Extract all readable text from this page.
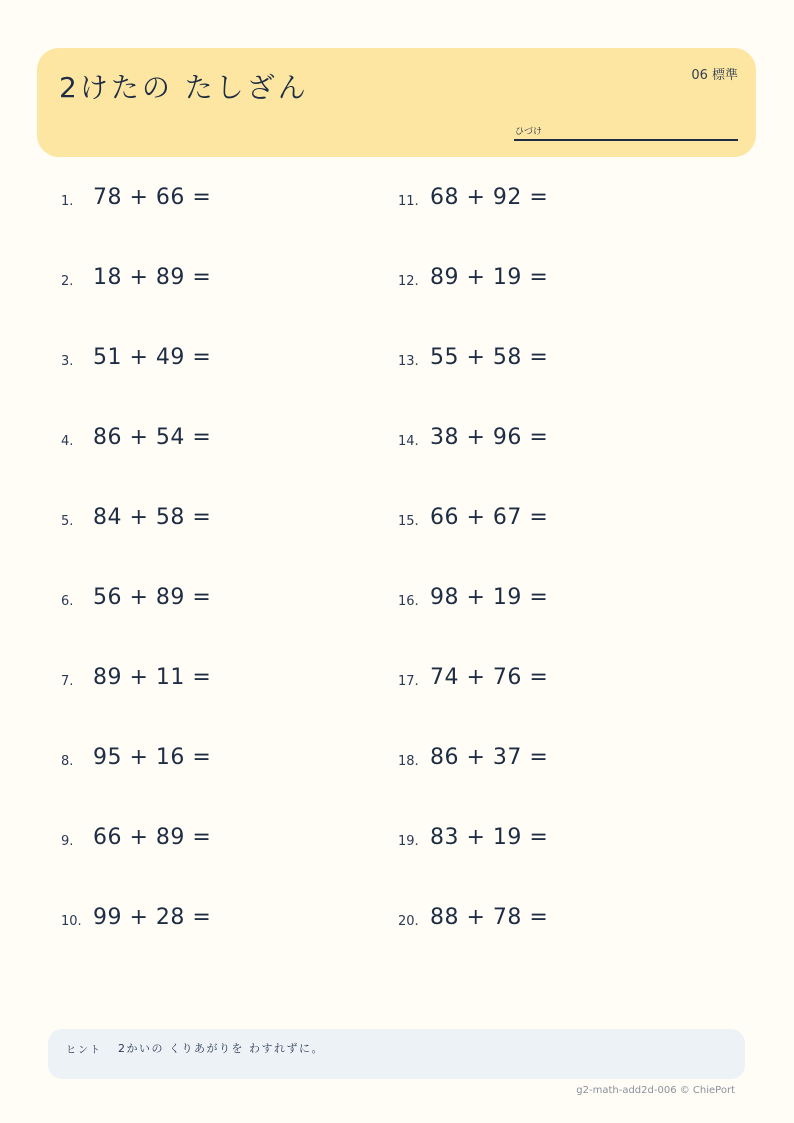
2けたの たしざん	06 標準
ひづけ
1. 78 + 66 =
2. 18 + 89 =
3. 51 + 49 =
4. 86 + 54 =
5. 84 + 58 =
6. 56 + 89 =
7. 89 + 11 =
8. 95 + 16 =
9. 66 + 89 =
10. 99 + 28 =
11. 68 + 92 =
12. 89 + 19 =
13. 55 + 58 =
14. 38 + 96 =
15. 66 + 67 =
16. 98 + 19 =
17. 74 + 76 =
18. 86 + 37 =
19. 83 + 19 =
20. 88 + 78 =
ヒント 2かいの くりあがりを わすれずに。
g2-math-add2d-006 © ChiePort
